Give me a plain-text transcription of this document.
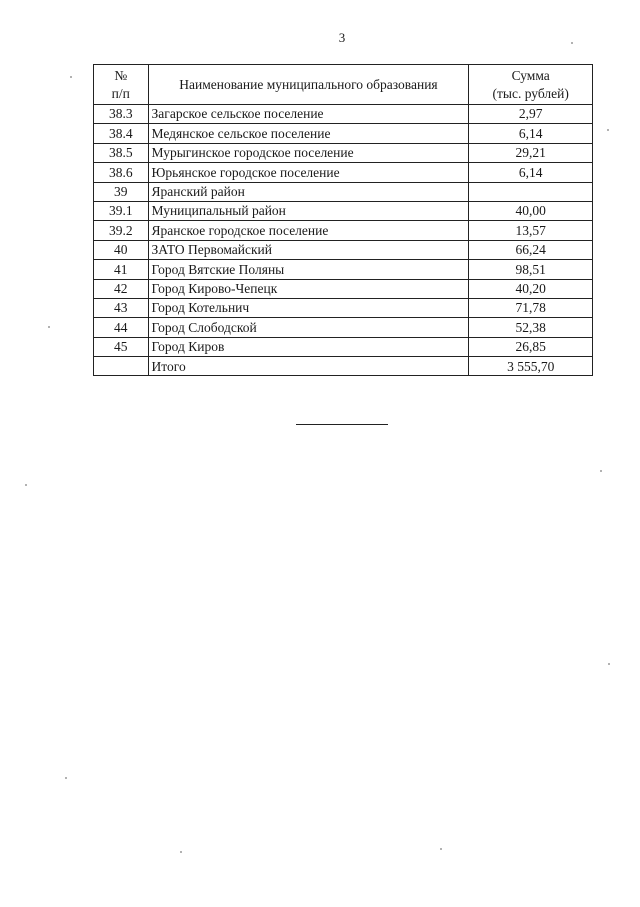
3
№
п/п	Наименование муниципального образования	Сумма
(тыс. рублей)

38.3	Загарское сельское поселение	2,97
38.4	Медянское сельское поселение	6,14
38.5	Мурыгинское городское поселение	29,21
38.6	Юрьянское городское поселение	6,14
39	Яранский район	
39.1	Муниципальный район	40,00
39.2	Яранское городское поселение	13,57
40	ЗАТО Первомайский	66,24
41	Город Вятские Поляны	98,51
42	Город Кирово-Чепецк	40,20
43	Город Котельнич	71,78
44	Город Слободской	52,38
45	Город Киров	26,85
	Итого	3 555,70
